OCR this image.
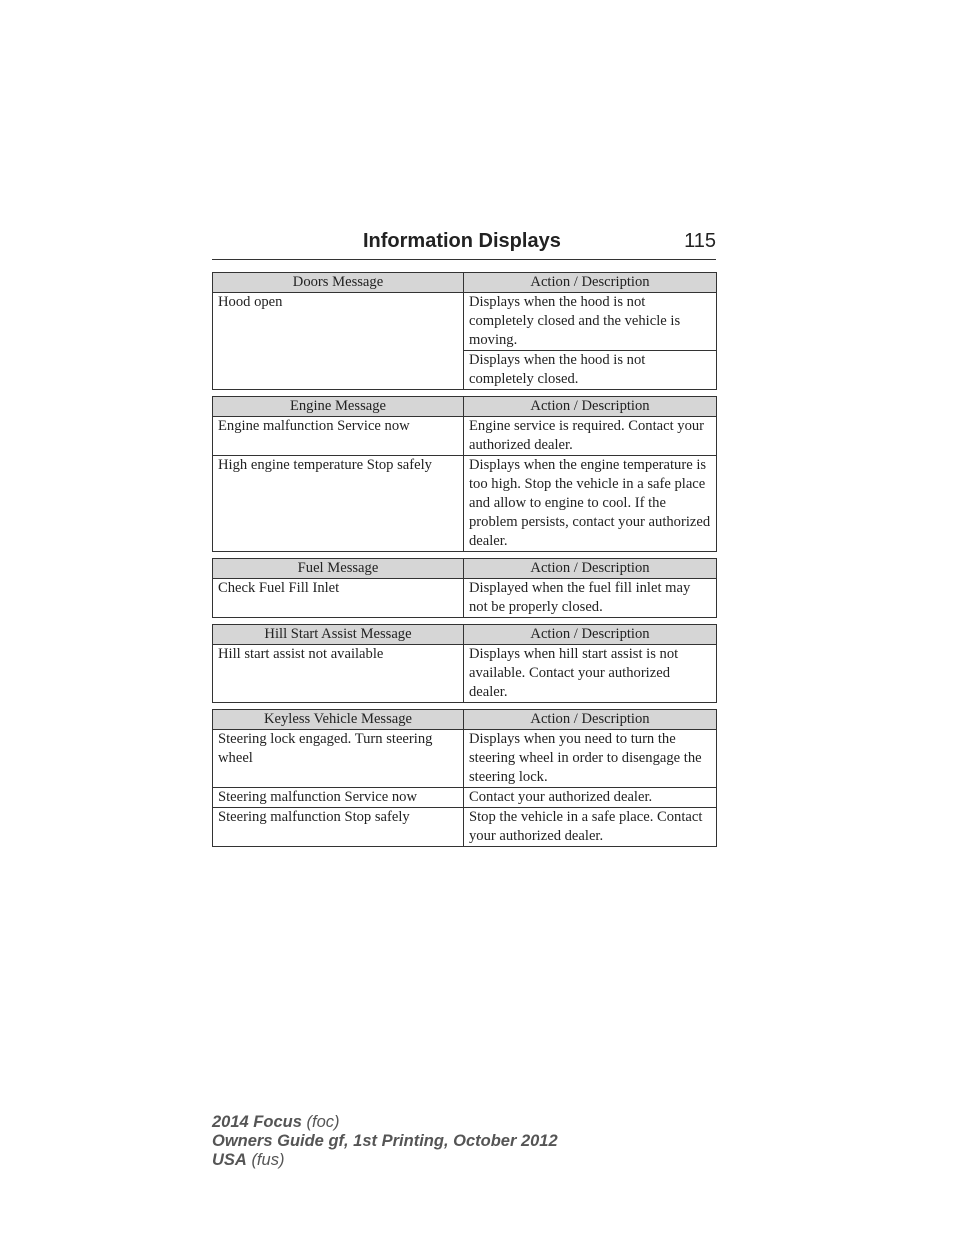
Information Displays	115
Doors Message	Action / Description
Hood open	Displays when the hood is not completely closed and the vehicle is moving.
	Displays when the hood is not completely closed.
Engine Message	Action / Description
Engine malfunction Service now	Engine service is required. Contact your authorized dealer.
High engine temperature Stop safely	Displays when the engine temperature is too high. Stop the vehicle in a safe place and allow to engine to cool. If the problem persists, contact your authorized dealer.
Fuel Message	Action / Description
Check Fuel Fill Inlet	Displayed when the fuel fill inlet may not be properly closed.
Hill Start Assist Message	Action / Description
Hill start assist not available	Displays when hill start assist is not available. Contact your authorized dealer.
Keyless Vehicle Message	Action / Description
Steering lock engaged. Turn steering wheel	Displays when you need to turn the steering wheel in order to disengage the steering lock.
Steering malfunction Service now	Contact your authorized dealer.
Steering malfunction Stop safely	Stop the vehicle in a safe place. Contact your authorized dealer.
2014 Focus (foc)
Owners Guide gf, 1st Printing, October 2012
USA (fus)
